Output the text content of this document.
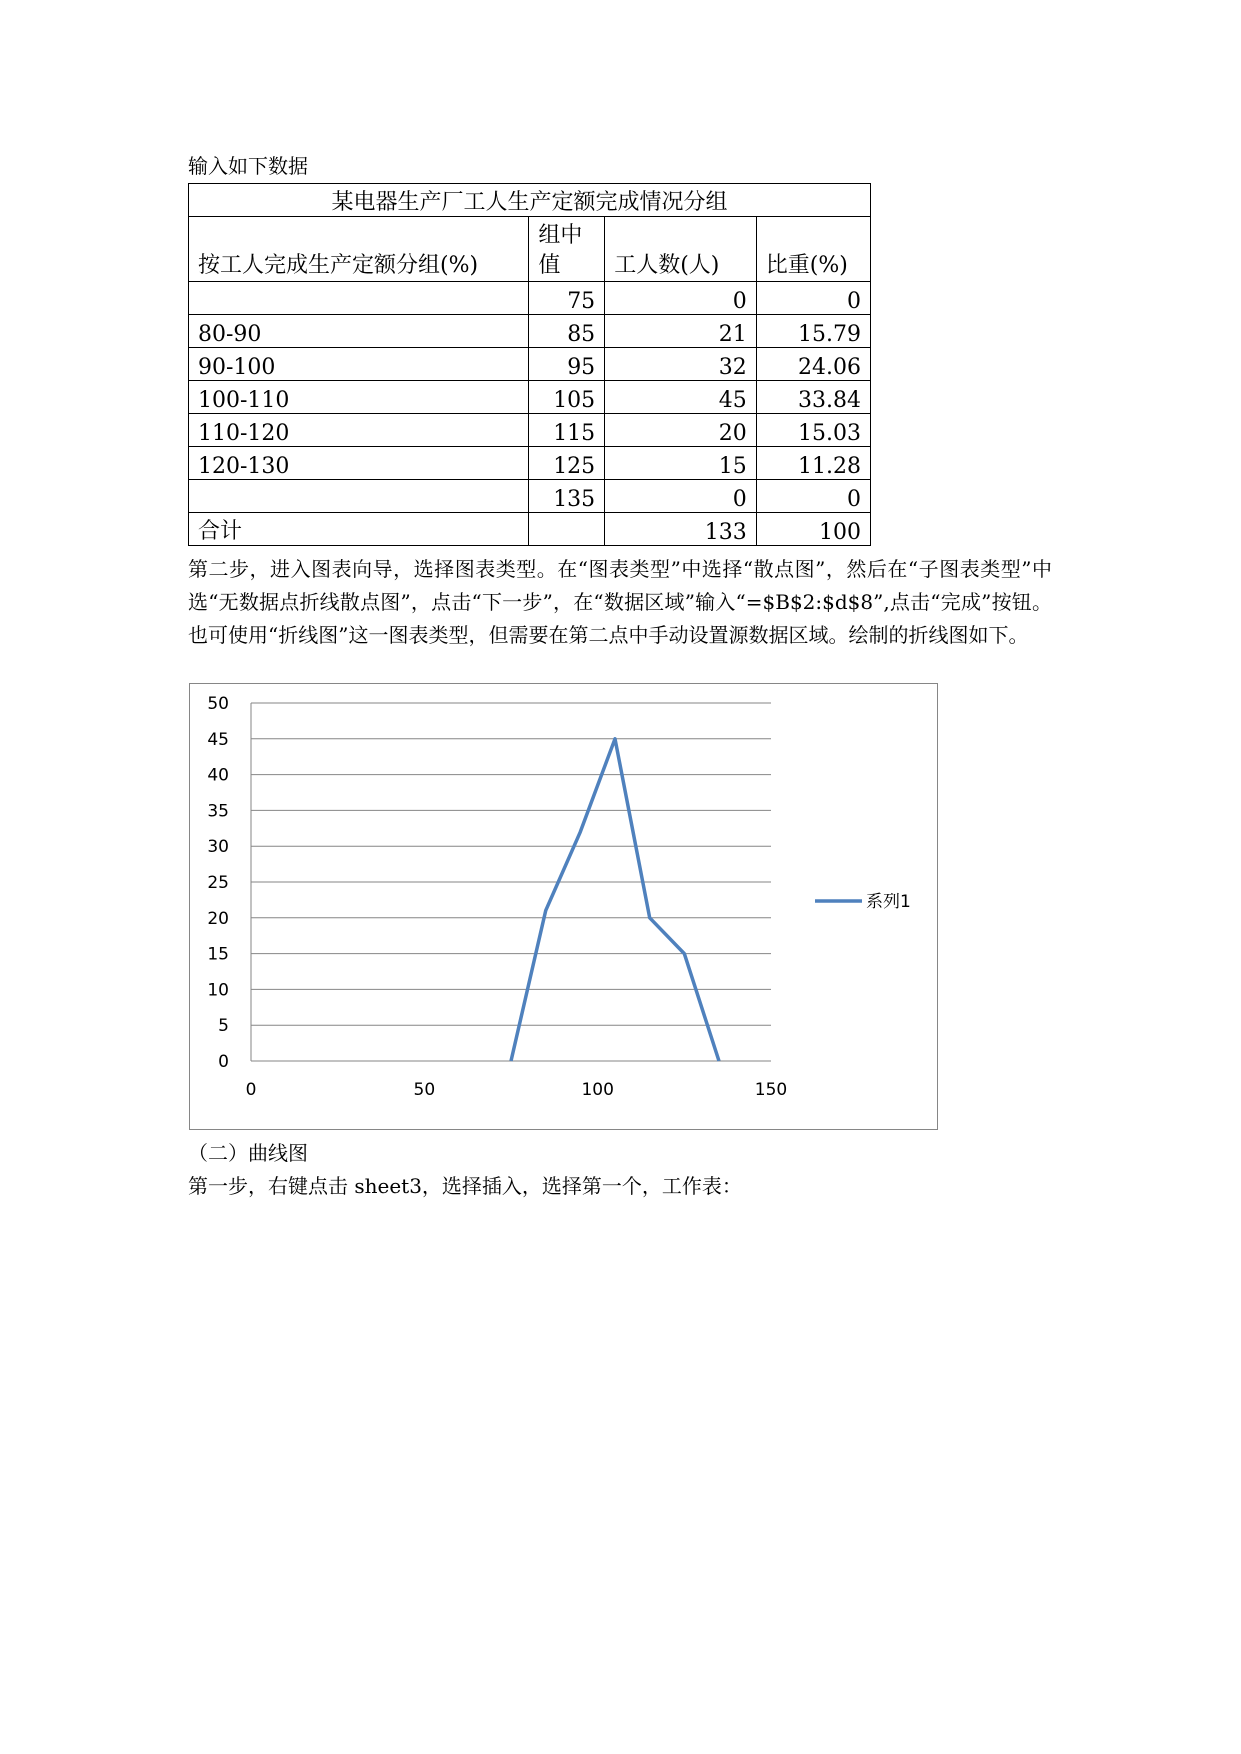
输入如下数据
某电器生产厂工人生产定额完成情况分组			
按工人完成生产定额分组(%)	组中值	工人数(人)	比重(%)
	75	0	0
80-90	85	21	15.79
90-100	95	32	24.06
100-110	105	45	33.84
110-120	115	20	15.03
120-130	125	15	11.28
	135	0	0
合计		133	100
第二步，进入图表向导，选择图表类型。在“图表类型”中选择“散点图”，然后在“子图表类型”中选“无数据点折线散点图”，点击“下一步”，在“数据区域”输入“=$B$2:$d$8”,点击“完成”按钮。也可使用“折线图”这一图表类型，但需要在第二点中手动设置源数据区域。绘制的折线图如下。
0
5
10
15
20
25
30
35
40
45
50
0	50	100	150
系列1
（二）曲线图
第一步，右键点击 sheet3，选择插入，选择第一个，工作表：
